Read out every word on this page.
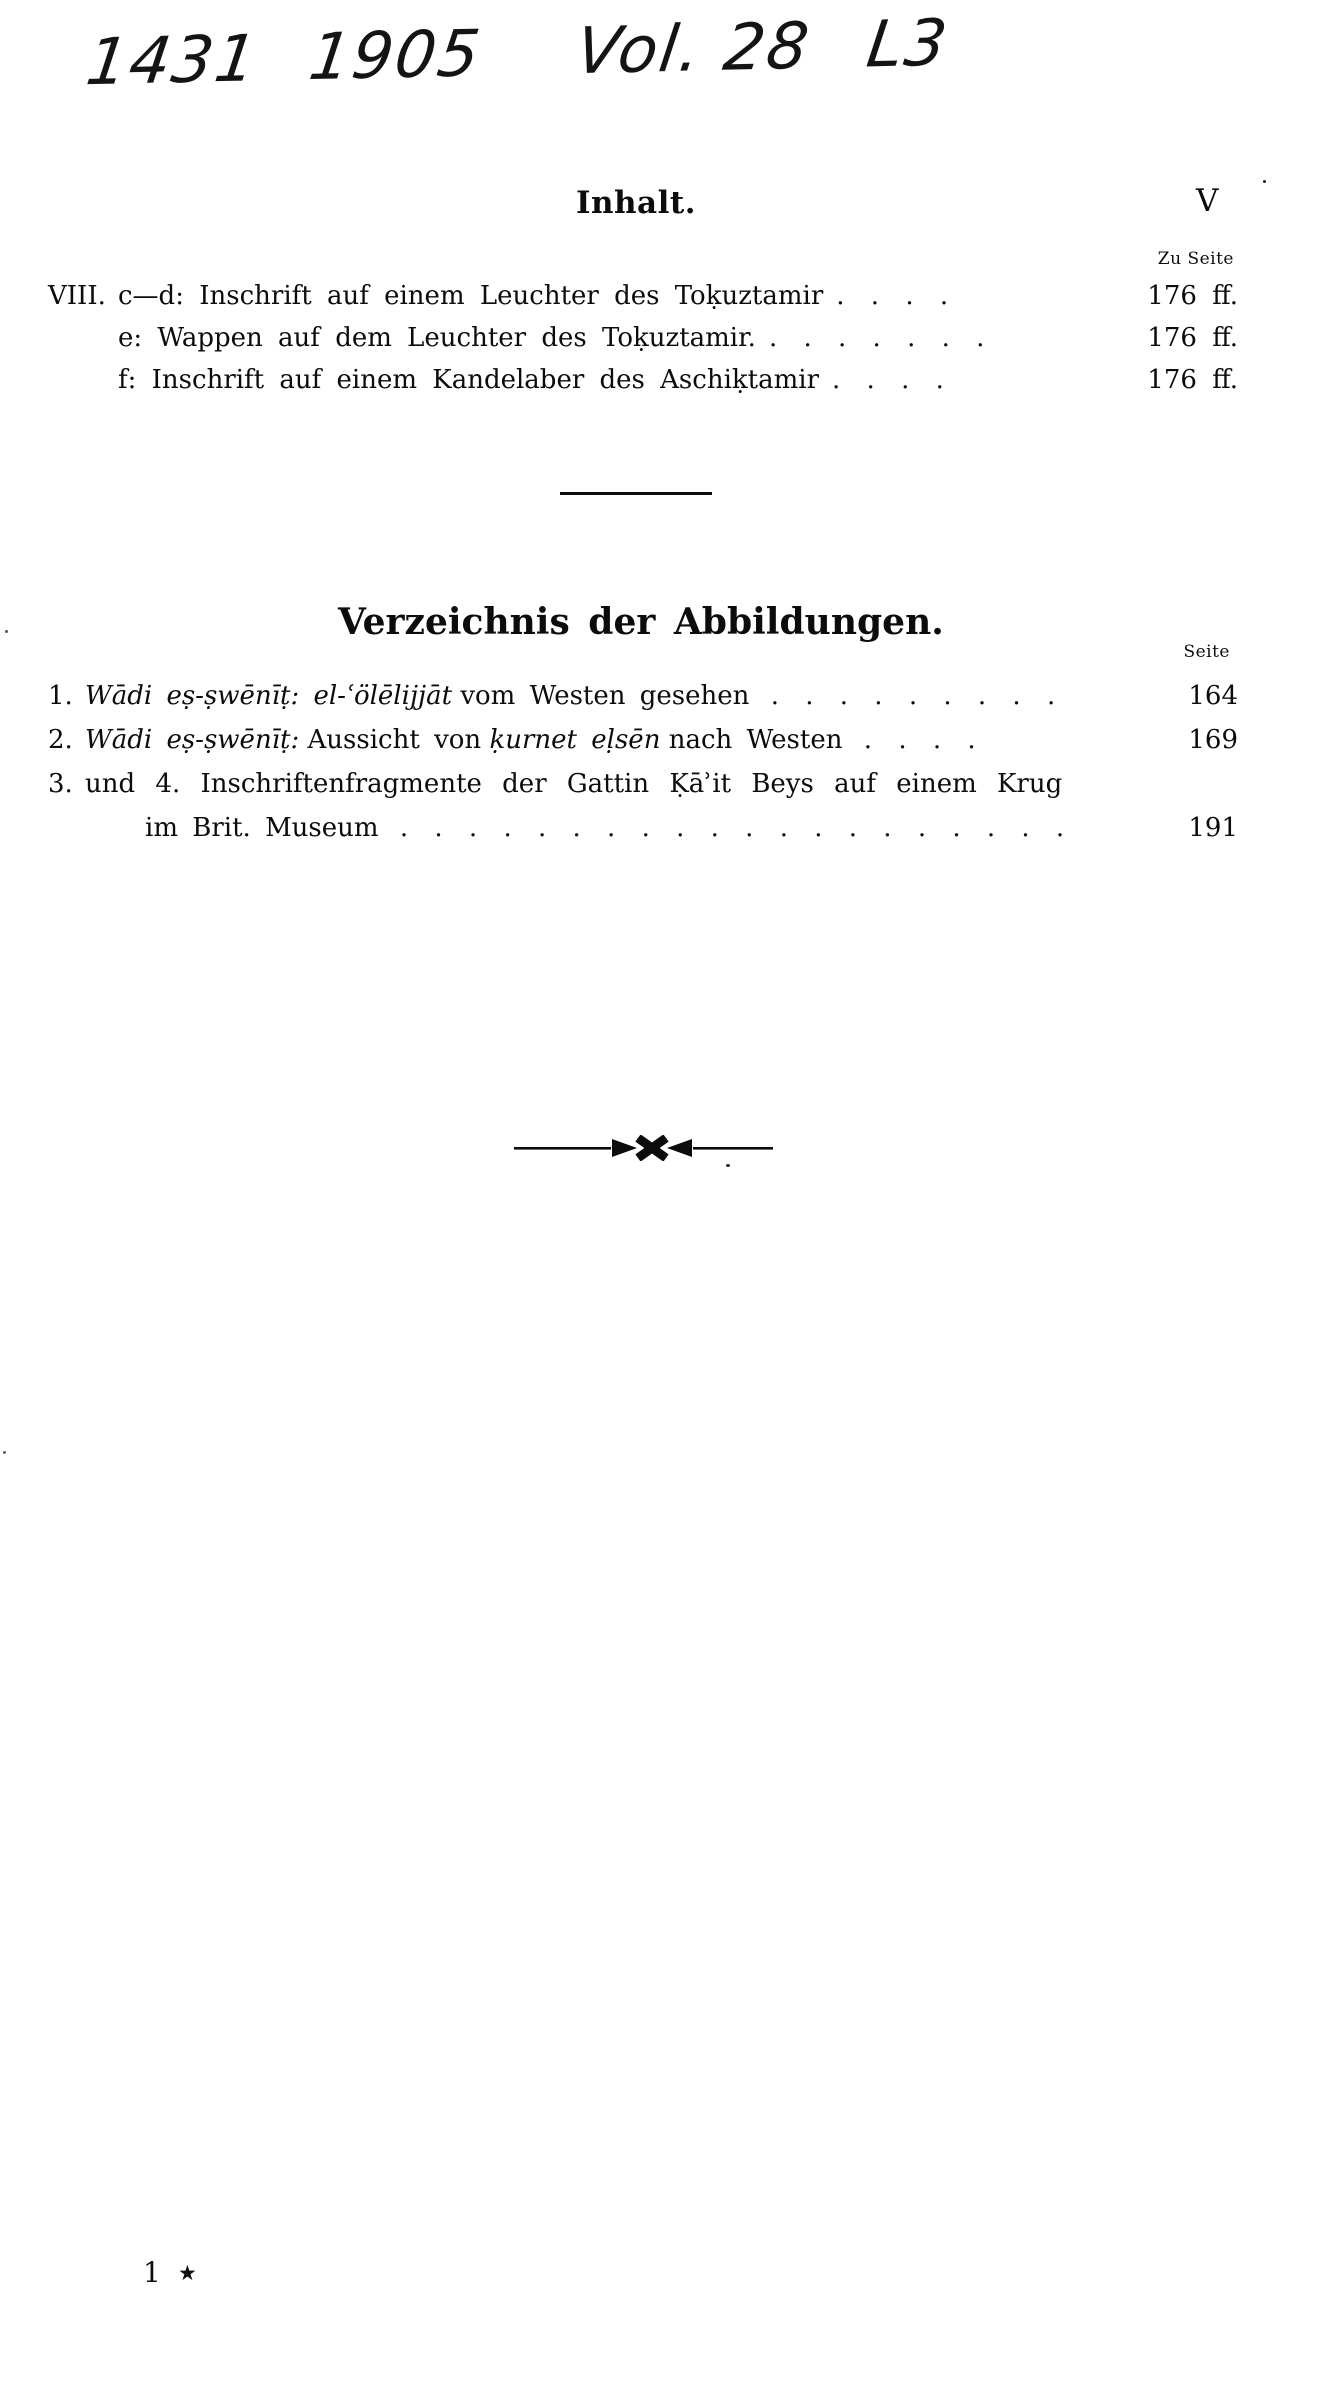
1431 1905 Vol. 28 L3
Inhalt.	V
Zu Seite
VIII. c—d: Inschrift auf einem Leuchter des Toḳuztamir . . . .	176 ff.
e: Wappen auf dem Leuchter des Toḳuztamir. . . . . . . .	176 ff.
f: Inschrift auf einem Kandelaber des Aschiḳtamir . . . .	176 ff.
Verzeichnis der Abbildungen.
Seite
1. Wādi eṣ-ṣwēnīṭ: el-ʿölēlijjāt vom Westen gesehen . . . . . . . . .	164
2. Wādi eṣ-ṣwēnīṭ: Aussicht von ḳurnet eḷsēn nach Westen . . . .	169
3. und 4. Inschriftenfragmente der Gattin Ḳāʾit Beys auf einem Krug
im Brit. Museum . . . . . . . . . . . . . . . . . . . .	191
1 ★
